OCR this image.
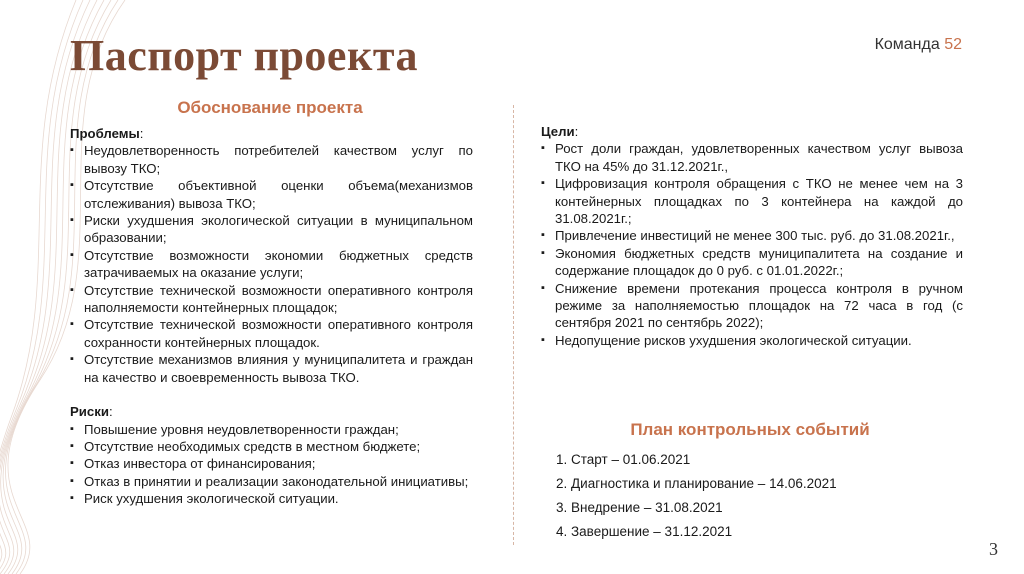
Паспорт проекта	Команда 52
Обоснование проекта
Проблемы:
▪ Неудовлетворенность потребителей качеством услуг по вывозу ТКО;
▪ Отсутствие объективной оценки объема(механизмов отслеживания) вывоза ТКО;
▪ Риски ухудшения экологической ситуации в муниципальном образовании;
▪ Отсутствие возможности экономии бюджетных средств затрачиваемых на оказание услуги;
▪ Отсутствие технической возможности оперативного контроля наполняемости контейнерных площадок;
▪ Отсутствие технической возможности оперативного контроля сохранности контейнерных площадок.
▪ Отсутствие механизмов влияния у муниципалитета и граждан на качество и своевременность вывоза ТКО.
Риски:
▪ Повышение уровня неудовлетворенности граждан;
▪ Отсутствие необходимых средств в местном бюджете;
▪ Отказ инвестора от финансирования;
▪ Отказ в принятии и реализации законодательной инициативы;
▪ Риск ухудшения экологической ситуации.
Цели:
▪ Рост доли граждан, удовлетворенных качеством услуг вывоза ТКО на 45% до 31.12.2021г.,
▪ Цифровизация контроля обращения с ТКО не менее чем на 3 контейнерных площадках по 3 контейнера на каждой до 31.08.2021г.;
▪ Привлечение инвестиций не менее 300 тыс. руб. до 31.08.2021г.,
▪ Экономия бюджетных средств муниципалитета на создание и содержание площадок до 0 руб. с 01.01.2022г.;
▪ Снижение времени протекания процесса контроля в ручном режиме за наполняемостью площадок на 72 часа в год (с сентября 2021 по сентябрь 2022);
▪ Недопущение рисков ухудшения экологической ситуации.
План контрольных событий
1. Старт – 01.06.2021
2. Диагностика и планирование – 14.06.2021
3. Внедрение – 31.08.2021
4. Завершение – 31.12.2021
3
